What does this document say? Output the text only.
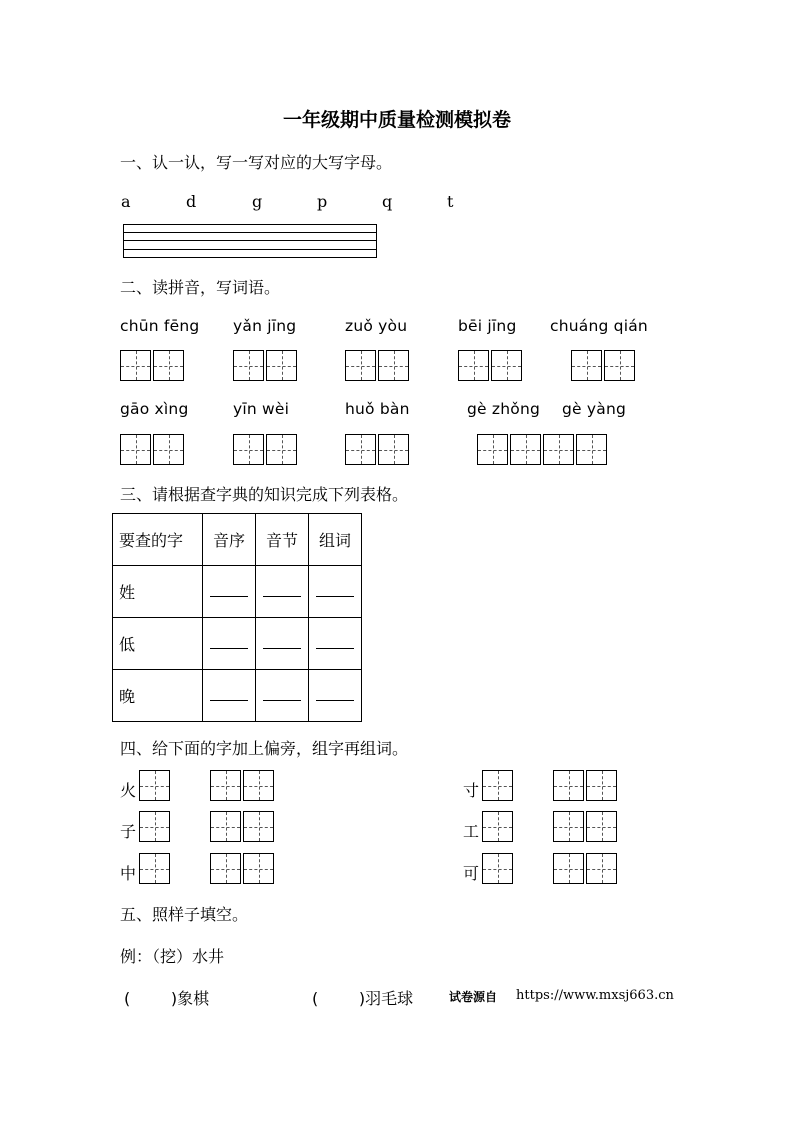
一年级期中质量检测模拟卷
一、认一认，写一写对应的大写字母。
a	d	g	p	q	t
二、读拼音，写词语。
chūn fēng yǎn jīng	zuǒ yòu	bēi jīng chuáng qián
gāo xìng	yīn wèi	huǒ bàn	gè zhǒng gè yàng
三、请根据查字典的知识完成下列表格。
要查的字	音序	音节	组词
姓			
低			
晚			
四、给下面的字加上偏旁，组字再组词。
火	寸
子	工
中	可
五、照样子填空。
例：（挖）水井
(        )象棋	(        )羽毛球	试卷源自 https://www.mxsj663.cn
